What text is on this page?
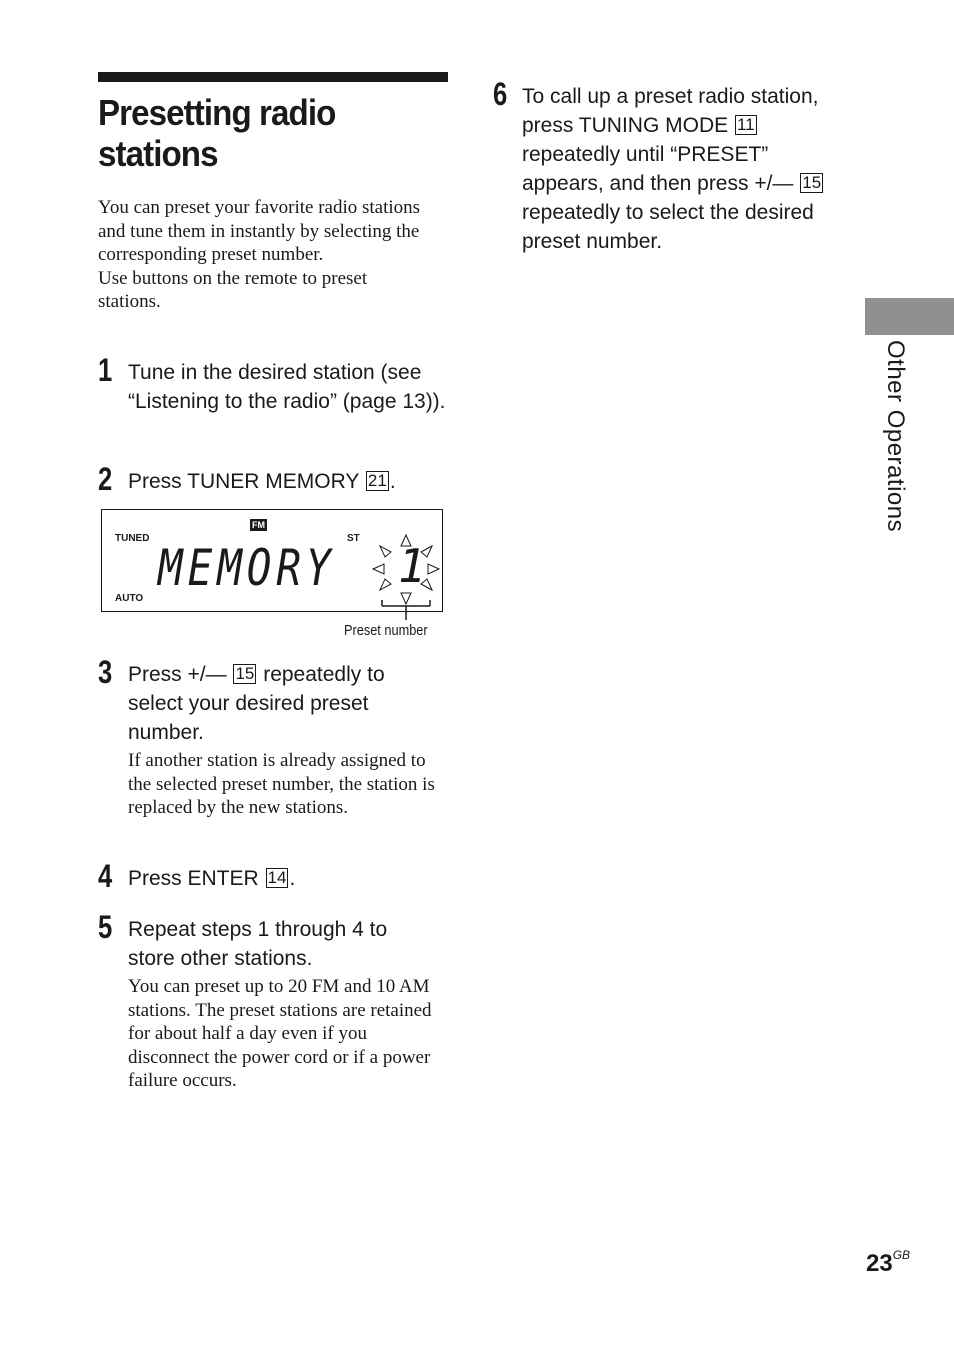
Presetting radio stations

You can preset your favorite radio stations and tune them in instantly by selecting the corresponding preset number.

Use buttons on the remote to preset stations.

1 Tune in the desired station (see “Listening to the radio” (page 13)).
2 Press TUNER MEMORY 21 .
TUNED
FM
ST
AUTO
MEMORY 1
Preset number
3 Press +/— 15 repeatedly to select your desired preset number.
If another station is already assigned to the selected preset number, the station is replaced by the new stations.
4 Press ENTER 14 .
5 Repeat steps 1 through 4 to store other stations.
You can preset up to 20 FM and 10 AM stations. The preset stations are retained for about half a day even if you disconnect the power cord or if a power failure occurs.
6 To call up a preset radio station, press TUNING MODE 11 repeatedly until “PRESET” appears, and then press +/— 15 repeatedly to select the desired preset number.
Other Operations
$23^{GB}$
